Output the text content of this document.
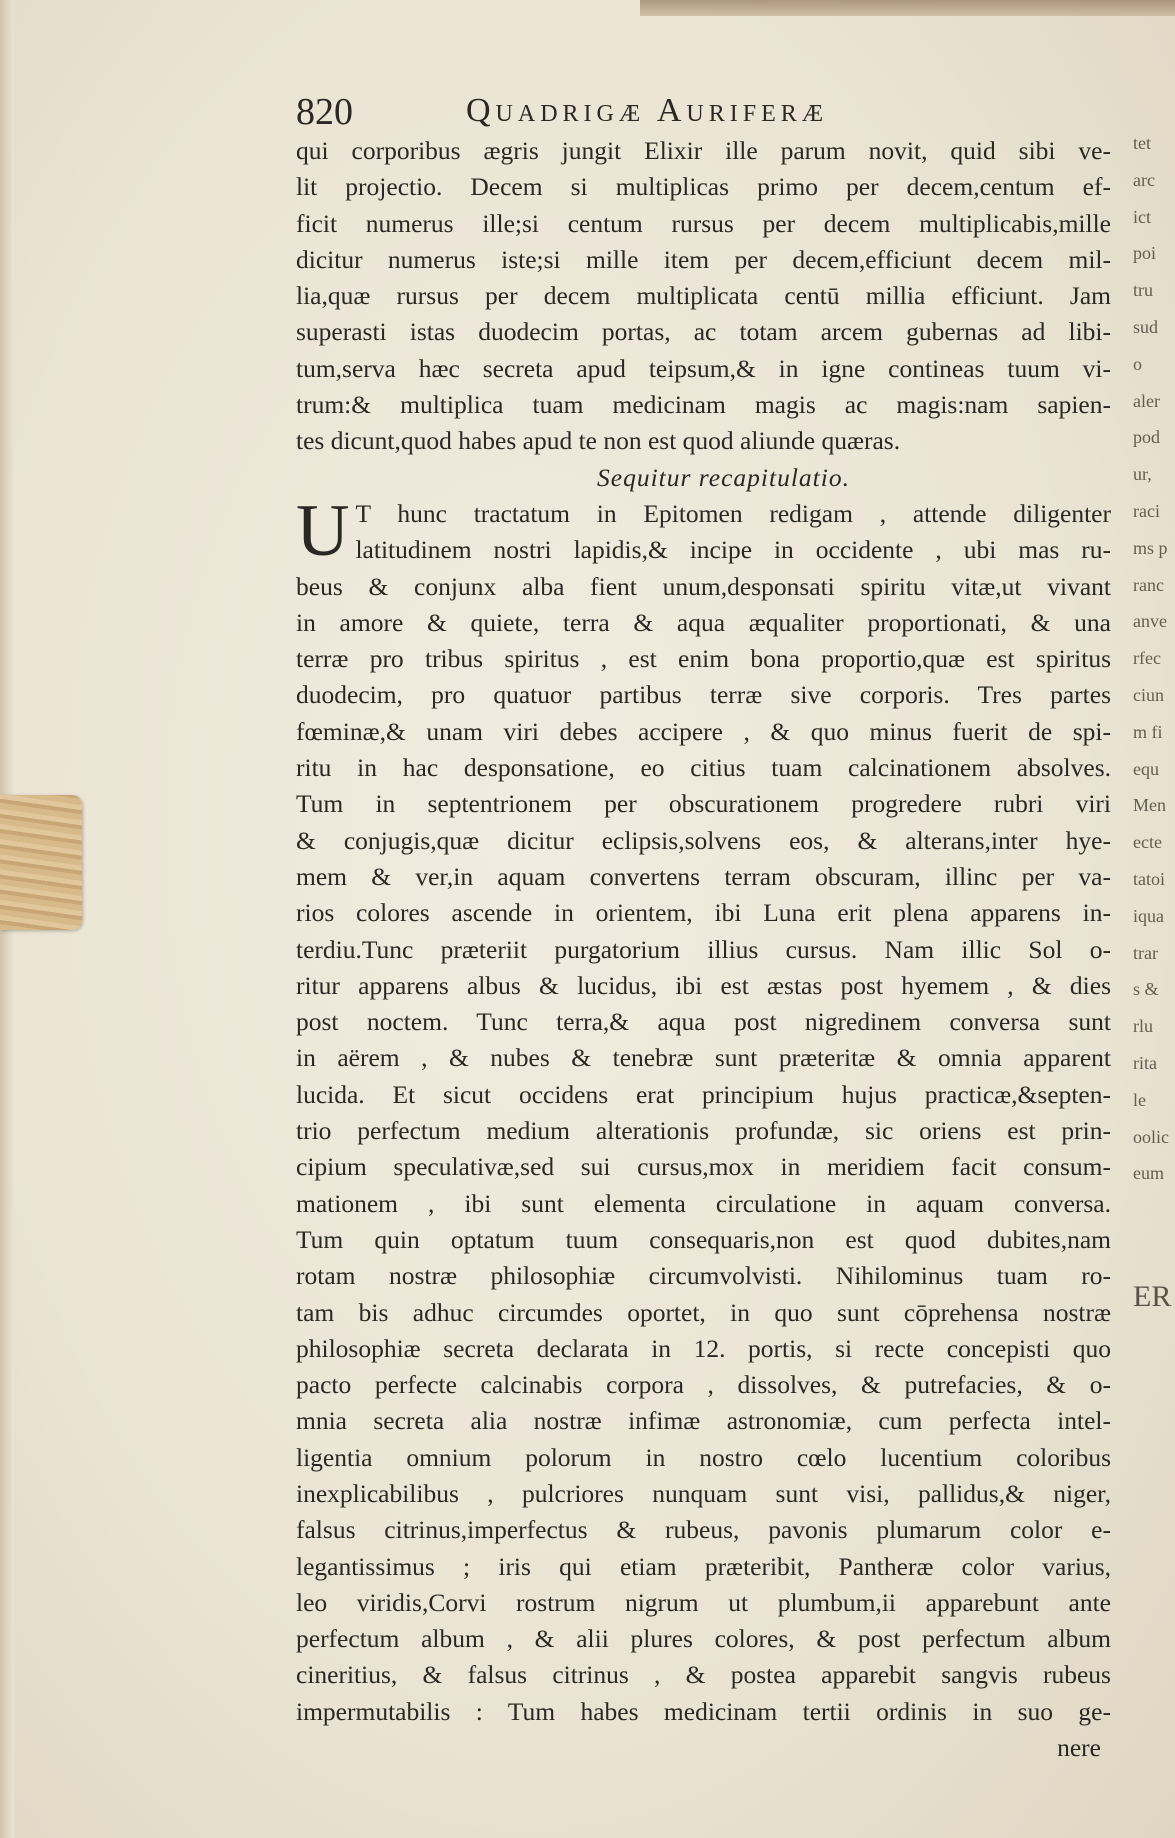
820	Quadrigæ Auriferæ
qui corporibus ægris jungit Elixir ille parum novit, quid sibi ve-
lit projectio. Decem si multiplicas primo per decem,centum ef-
ficit numerus ille;si centum rursus per decem multiplicabis,mille
dicitur numerus iste;si mille item per decem,efficiunt decem mil-
lia,quæ rursus per decem multiplicata centū millia efficiunt. Jam
superasti istas duodecim portas, ac totam arcem gubernas ad libi-
tum,serva hæc secreta apud teipsum,& in igne contineas tuum vi-
trum:& multiplica tuam medicinam magis ac magis:nam sapien-
tes dicunt,quod habes apud te non est quod aliunde quæras.
Sequitur recapitulatio.
U T hunc tractatum in Epitomen redigam , attende diligenter
latitudinem nostri lapidis,& incipe in occidente , ubi mas ru-
beus & conjunx alba fient unum,desponsati spiritu vitæ,ut vivant
in amore & quiete, terra & aqua æqualiter proportionati, & una
terræ pro tribus spiritus , est enim bona proportio,quæ est spiritus
duodecim, pro quatuor partibus terræ sive corporis. Tres partes
fœminæ,& unam viri debes accipere , & quo minus fuerit de spi-
ritu in hac desponsatione, eo citius tuam calcinationem absolves.
Tum in septentrionem per obscurationem progredere rubri viri
& conjugis,quæ dicitur eclipsis,solvens eos, & alterans,inter hye-
mem & ver,in aquam convertens terram obscuram, illinc per va-
rios colores ascende in orientem, ibi Luna erit plena apparens in-
terdiu.Tunc præteriit purgatorium illius cursus. Nam illic Sol o-
ritur apparens albus & lucidus, ibi est æstas post hyemem , & dies
post noctem. Tunc terra,& aqua post nigredinem conversa sunt
in aërem , & nubes & tenebræ sunt præteritæ & omnia apparent
lucida. Et sicut occidens erat principium hujus practicæ,&septen-
trio perfectum medium alterationis profundæ, sic oriens est prin-
cipium speculativæ,sed sui cursus,mox in meridiem facit consum-
mationem , ibi sunt elementa circulatione in aquam conversa.
Tum quin optatum tuum consequaris,non est quod dubites,nam
rotam nostræ philosophiæ circumvolvisti. Nihilominus tuam ro-
tam bis adhuc circumdes oportet, in quo sunt cōprehensa nostræ
philosophiæ secreta declarata in 12. portis, si recte concepisti quo
pacto perfecte calcinabis corpora , dissolves, & putrefacies, & o-
mnia secreta alia nostræ infimæ astronomiæ, cum perfecta intel-
ligentia omnium polorum in nostro cœlo lucentium coloribus
inexplicabilibus , pulcriores nunquam sunt visi, pallidus,& niger,
falsus citrinus,imperfectus & rubeus, pavonis plumarum color e-
legantissimus ; iris qui etiam præteribit, Pantheræ color varius,
leo viridis,Corvi rostrum nigrum ut plumbum,ii apparebunt ante
perfectum album , & alii plures colores, & post perfectum album
cineritius, & falsus citrinus , & postea apparebit sangvis rubeus
impermutabilis : Tum habes medicinam tertii ordinis in suo ge-
nere
tet
arc
ict
poi
tru
sud
o
aler
pod
ur,
raci
ms p
ranc
anve
rfec
ciun
m fi
equ
Men
ecte
tatoi
iqua
trar
s &
rlu
rita
le
oolic
eum
ER
